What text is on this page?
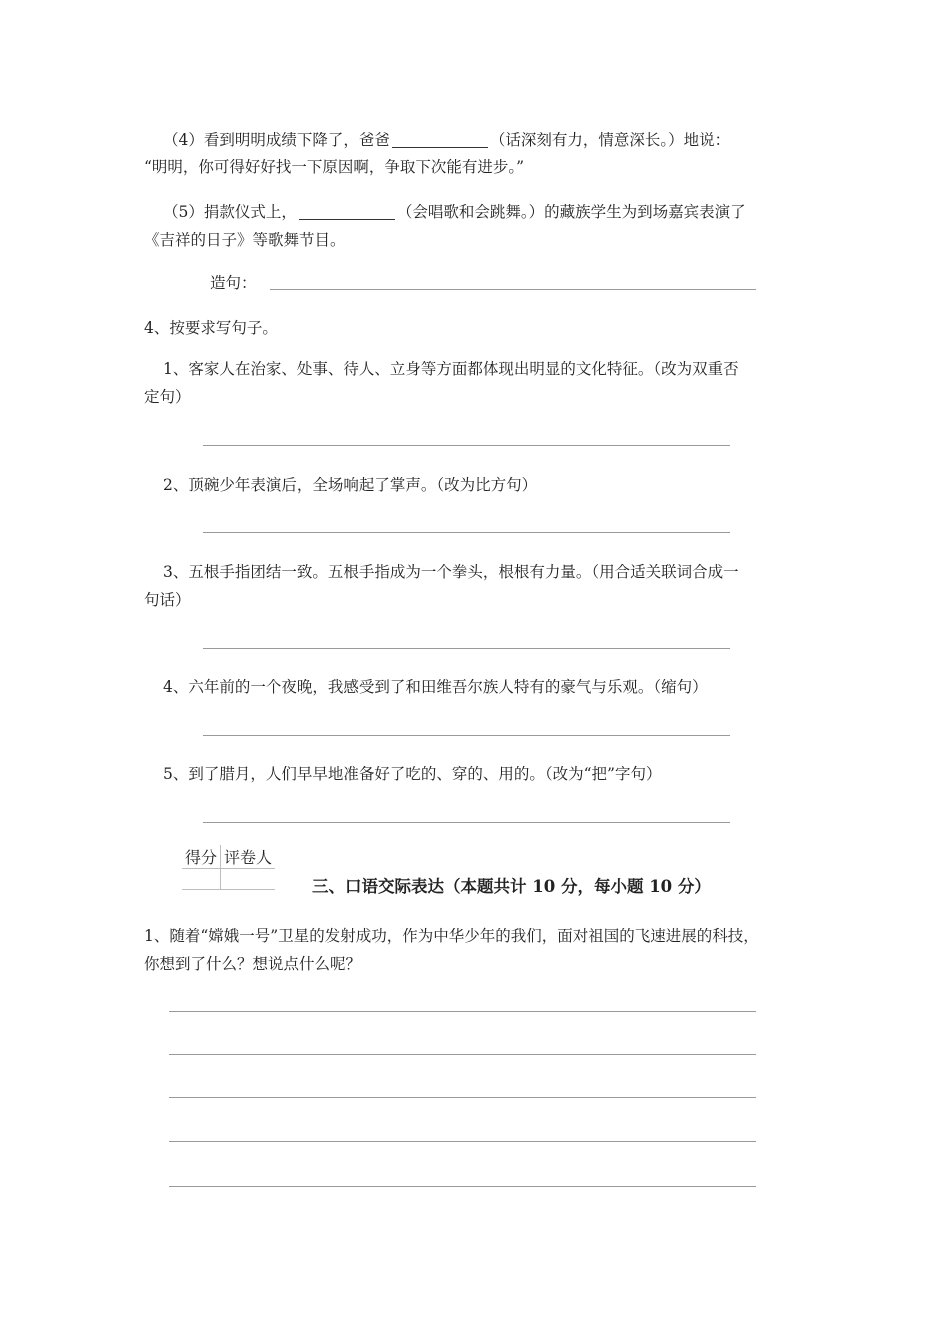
（4）看到明明成绩下降了，爸爸	（话深刻有力，情意深长。）地说：
“明明，你可得好好找一下原因啊，争取下次能有进步。”
（5）捐款仪式上，	（会唱歌和会跳舞。）的藏族学生为到场嘉宾表演了
《吉祥的日子》等歌舞节目。
造句：
4、按要求写句子。
1、客家人在治家、处事、待人、立身等方面都体现出明显的文化特征。（改为双重否
定句）
2、顶碗少年表演后，全场响起了掌声。（改为比方句）
3、五根手指团结一致。五根手指成为一个拳头，根根有力量。（用合适关联词合成一
句话）
4、六年前的一个夜晚，我感受到了和田维吾尔族人特有的豪气与乐观。（缩句）
5、到了腊月，人们早早地准备好了吃的、穿的、用的。（改为“把”字句）
得分	评卷人

三、口语交际表达（本题共计 10 分，每小题 10 分）
1、随着“嫦娥一号”卫星的发射成功，作为中华少年的我们，面对祖国的飞速进展的科技，
你想到了什么？想说点什么呢？
